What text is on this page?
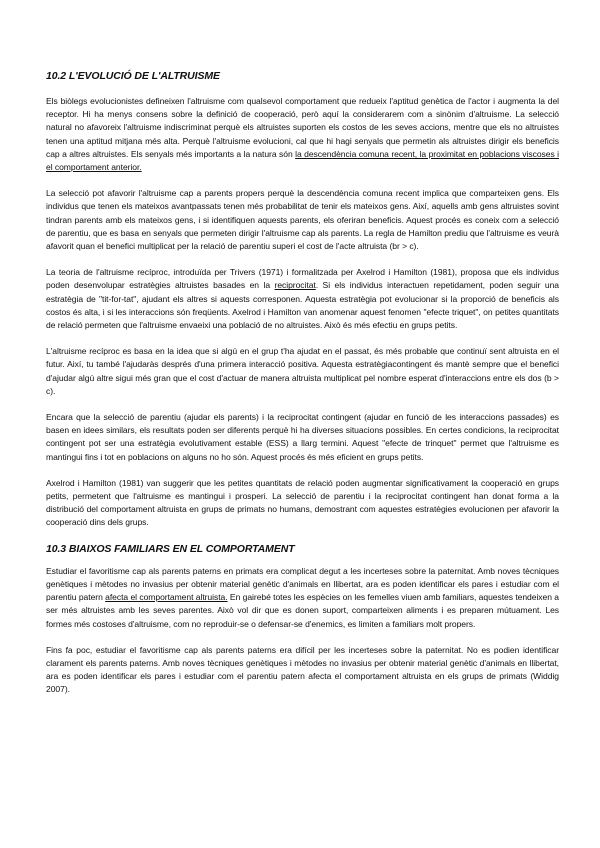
10.2 L'EVOLUCIÓ DE L'ALTRUISME

Els biòlegs evolucionistes defineixen l'altruisme com qualsevol comportament que redueix l'aptitud genètica de l'actor i augmenta la del receptor. Hi ha menys consens sobre la definició de cooperació, però aquí la considerarem com a sinònim d'altruisme. La selecció natural no afavoreix l'altruisme indiscriminat perquè els altruistes suporten els costos de les seves accions, mentre que els no altruistes tenen una aptitud mitjana més alta. Perquè l'altruisme evolucioni, cal que hi hagi senyals que permetin als altruistes dirigir els beneficis cap a altres altruistes. Els senyals més importants a la natura són la descendència comuna recent, la proximitat en poblacions viscoses i el comportament anterior.

La selecció pot afavorir l'altruisme cap a parents propers perquè la descendència comuna recent implica que comparteixen gens. Els individus que tenen els mateixos avantpassats tenen més probabilitat de tenir els mateixos gens. Així, aquells amb gens altruistes sovint tindran parents amb els mateixos gens, i si identifiquen aquests parents, els oferiran beneficis. Aquest procés es coneix com a selecció de parentiu, que es basa en senyals que permeten dirigir l'altruisme cap als parents. La regla de Hamilton prediu que l'altruisme es veurà afavorit quan el benefici multiplicat per la relació de parentiu superi el cost de l'acte altruista (br > c).

La teoria de l'altruisme recíproc, introduïda per Trivers (1971) i formalitzada per Axelrod i Hamilton (1981), proposa que els individus poden desenvolupar estratègies altruistes basades en la reciprocitat. Si els individus interactuen repetidament, poden seguir una estratègia de "tit-for-tat", ajudant els altres si aquests corresponen. Aquesta estratègia pot evolucionar si la proporció de beneficis als costos és alta, i si les interaccions són freqüents. Axelrod i Hamilton van anomenar aquest fenomen "efecte triquet", on petites quantitats de relació permeten que l'altruisme envaeixi una població de no altruistes. Això és més efectiu en grups petits.

L'altruisme recíproc es basa en la idea que si algú en el grup t'ha ajudat en el passat, és més probable que continuï sent altruista en el futur. Així, tu també l'ajudaràs després d'una primera interacció positiva. Aquesta estratègiacontingent és mantè sempre que el benefici d'ajudar algú altre sigui més gran que el cost d'actuar de manera altruista multiplicat pel nombre esperat d'interaccions entre els dos (b > c).

Encara que la selecció de parentiu (ajudar els parents) i la reciprocitat contingent (ajudar en funció de les interaccions passades) es basen en idees similars, els resultats poden ser diferents perquè hi ha diverses situacions possibles. En certes condicions, la reciprocitat contingent pot ser una estratègia evolutivament estable (ESS) a llarg termini. Aquest "efecte de trinquet" permet que l'altruisme es mantingui fins i tot en poblacions on alguns no ho són. Aquest procés és més eficient en grups petits.

Axelrod i Hamilton (1981) van suggerir que les petites quantitats de relació poden augmentar significativament la cooperació en grups petits, permetent que l'altruisme es mantingui i prosperi. La selecció de parentiu i la reciprocitat contingent han donat forma a la distribució del comportament altruista en grups de primats no humans, demostrant com aquestes estratègies evolucionen per afavorir la cooperació dins dels grups.

10.3 BIAIXOS FAMILIARS EN EL COMPORTAMENT

Estudiar el favoritisme cap als parents paterns en primats era complicat degut a les incerteses sobre la paternitat. Amb noves tècniques genètiques i mètodes no invasius per obtenir material genètic d'animals en llibertat, ara es poden identificar els pares i estudiar com el parentiu patern afecta el comportament altruista. En gairebé totes les espècies on les femelles viuen amb familiars, aquestes tendeixen a ser més altruistes amb les seves parentes. Això vol dir que es donen suport, comparteixen aliments i es preparen mútuament. Les formes més costoses d'altruisme, com no reproduir-se o defensar-se d'enemics, es limiten a familiars molt propers.

Fins fa poc, estudiar el favoritisme cap als parents paterns era difícil per les incerteses sobre la paternitat. No es podien identificar clarament els parents paterns. Amb noves tècniques genètiques i mètodes no invasius per obtenir material genètic d'animals en llibertat, ara es poden identificar els pares i estudiar com el parentiu patern afecta el comportament altruista en els grups de primats (Widdig 2007).
